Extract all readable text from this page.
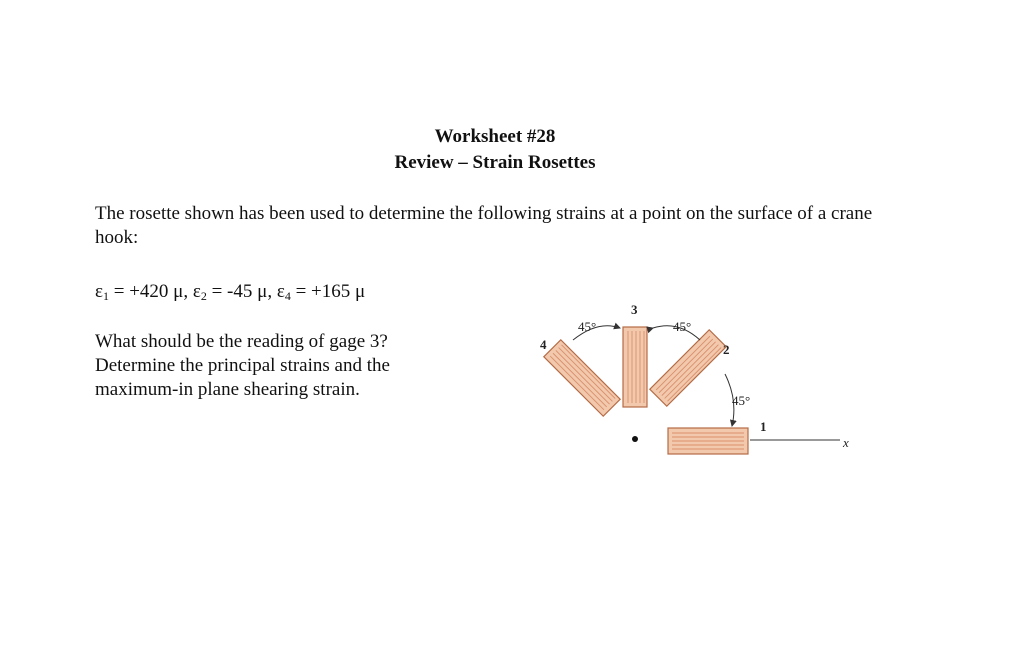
Worksheet #28
Review – Strain Rosettes
The rosette shown has been used to determine the following strains at a point on the surface of a crane hook:
$\varepsilon_1 = +420$ μ, $\varepsilon_2 = -45$ μ, $\varepsilon_4 = +165$ μ
What should be the reading of gage 3?
Determine the principal strains and the
maximum-in plane shearing strain.
x
45°	45°
45°
3
2
4
1
